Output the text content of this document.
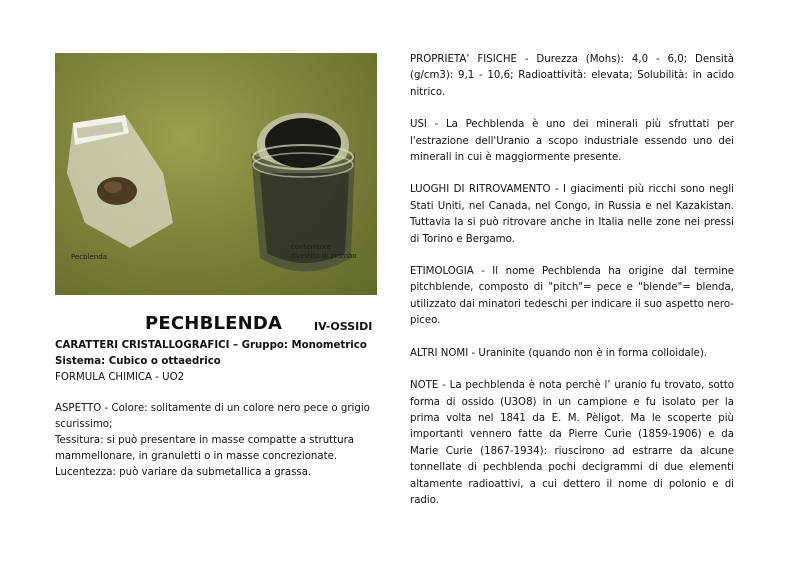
Pecblenda
contenitore
rivestito di piombo
PECHBLENDA	IV-OSSIDI

CARATTERI CRISTALLOGRAFICI – Gruppo: Monometrico

Sistema: Cubico o ottaedrico

FORMULA CHIMICA - UO2

ASPETTO - Colore: solitamente di un colore nero pece o grigio scurissimo;

Tessitura: si può presentare in masse compatte a struttura mammellonare, in granuletti o in masse concrezionate.

Lucentezza: può variare da submetallica a grassa.

PROPRIETA’ FISICHE - Durezza (Mohs): 4,0 - 6,0; Densità (g/cm3): 9,1 - 10,6; Radioattività: elevata; Solubilità: in acido nitrico.

USI - La Pechblenda è uno dei minerali più sfruttati per l'estrazione dell'Uranio a scopo industriale essendo uno dei minerali in cui è maggiormente presente.

LUOGHI DI RITROVAMENTO - I giacimenti più ricchi sono negli Stati Uniti, nel Canada, nel Congo, in Russia e nel Kazakistan. Tuttavia la si può ritrovare anche in Italia nelle zone nei pressi di Torino e Bergamo.

ETIMOLOGIA - Il nome Pechblenda ha origine dal termine pitchblende, composto di "pitch"= pece e "blende"= blenda, utilizzato dai minatori tedeschi per indicare il suo aspetto nero-piceo.

ALTRI NOMI - Uraninite (quando non è in forma colloidale).

NOTE - La pechblenda è nota perchè l’ uranio fu trovato, sotto forma di ossido (U3O8) in un campione e fu isolato per la prima volta nel 1841 da E. M. Pèligot. Ma le scoperte più importanti vennero fatte da Pierre Curie (1859-1906) e da Marie Curie (1867-1934): riuscirono ad estrarre da alcune tonnellate di pechblenda pochi decigrammi di due elementi altamente radioattivi, a cui dettero il nome di polonio e di radio.
